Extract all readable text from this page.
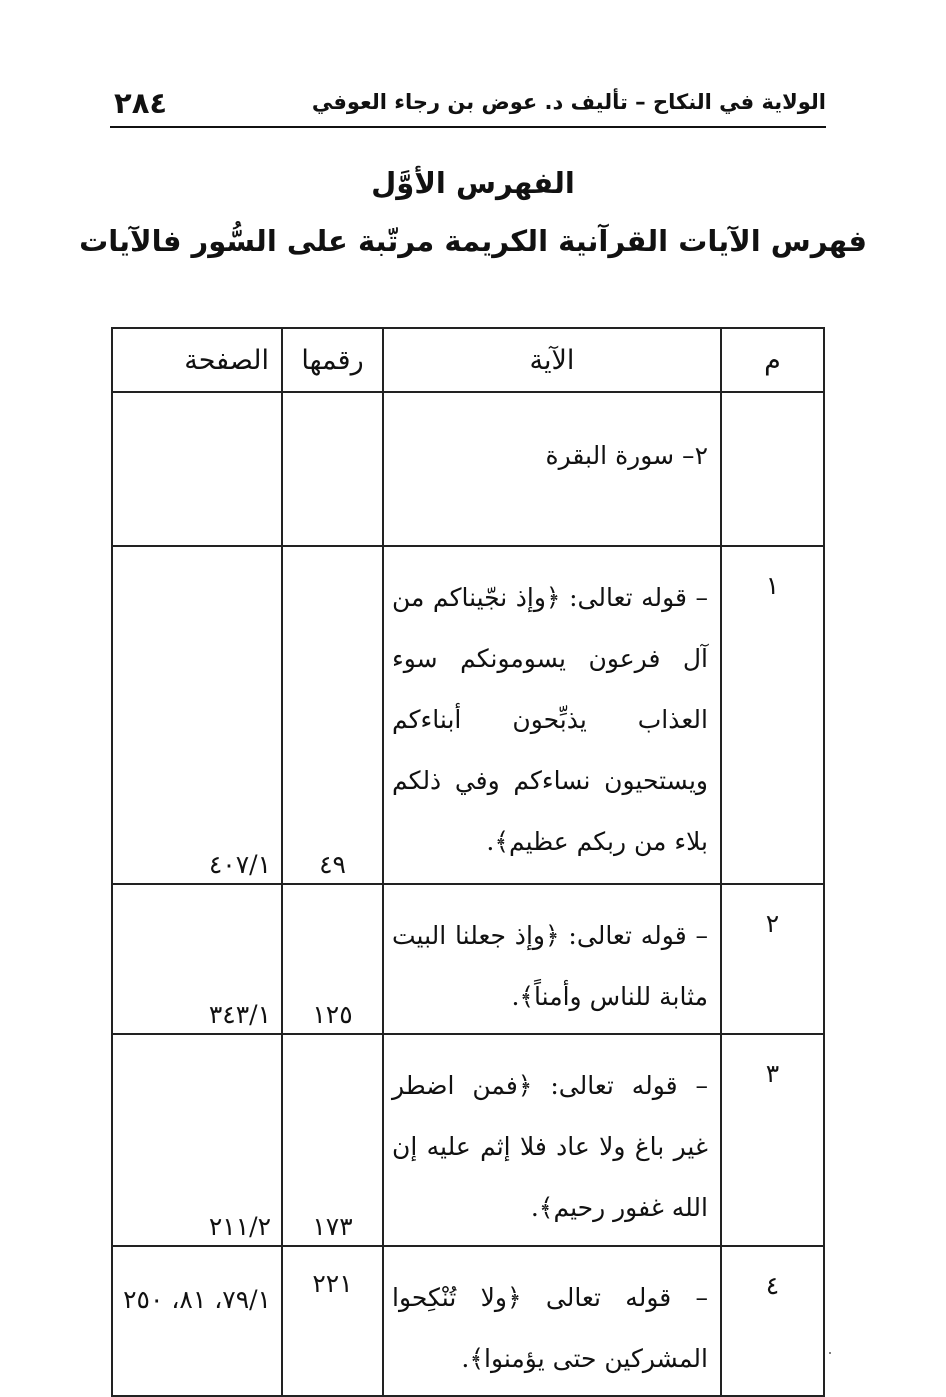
الولاية في النكاح – تأليف د. عوض بن رجاء العوفي
٢٨٤
الفهرس الأوَّل
فهرس الآيات القرآنية الكريمة مرتّبة على السُّور فالآيات
م	الآية	رقمها	الصفحة
	٢– سورة البقرة		
١	– قوله تعالى: ﴿وإذ نجّيناكم من آل فرعون يسومونكم سوء العذاب يذبِّحون أبناءكم ويستحيون نساءكم وفي ذلكم بلاء من ربكم عظيم﴾.	٤٩	٤٠٧/١
٢	– قوله تعالى: ﴿وإذ جعلنا البيت مثابة للناس وأمناً﴾.	١٢٥	٣٤٣/١
٣	– قوله تعالى: ﴿فمن اضطر غير باغ ولا عاد فلا إثم عليه إن الله غفور رحيم﴾.	١٧٣	٢١١/٢
٤	– قوله تعالى ﴿ولا تُنْكِحوا المشركين حتى يؤمنوا﴾.	٢٢١	٧٩/١، ٨١، ٢٥٠
